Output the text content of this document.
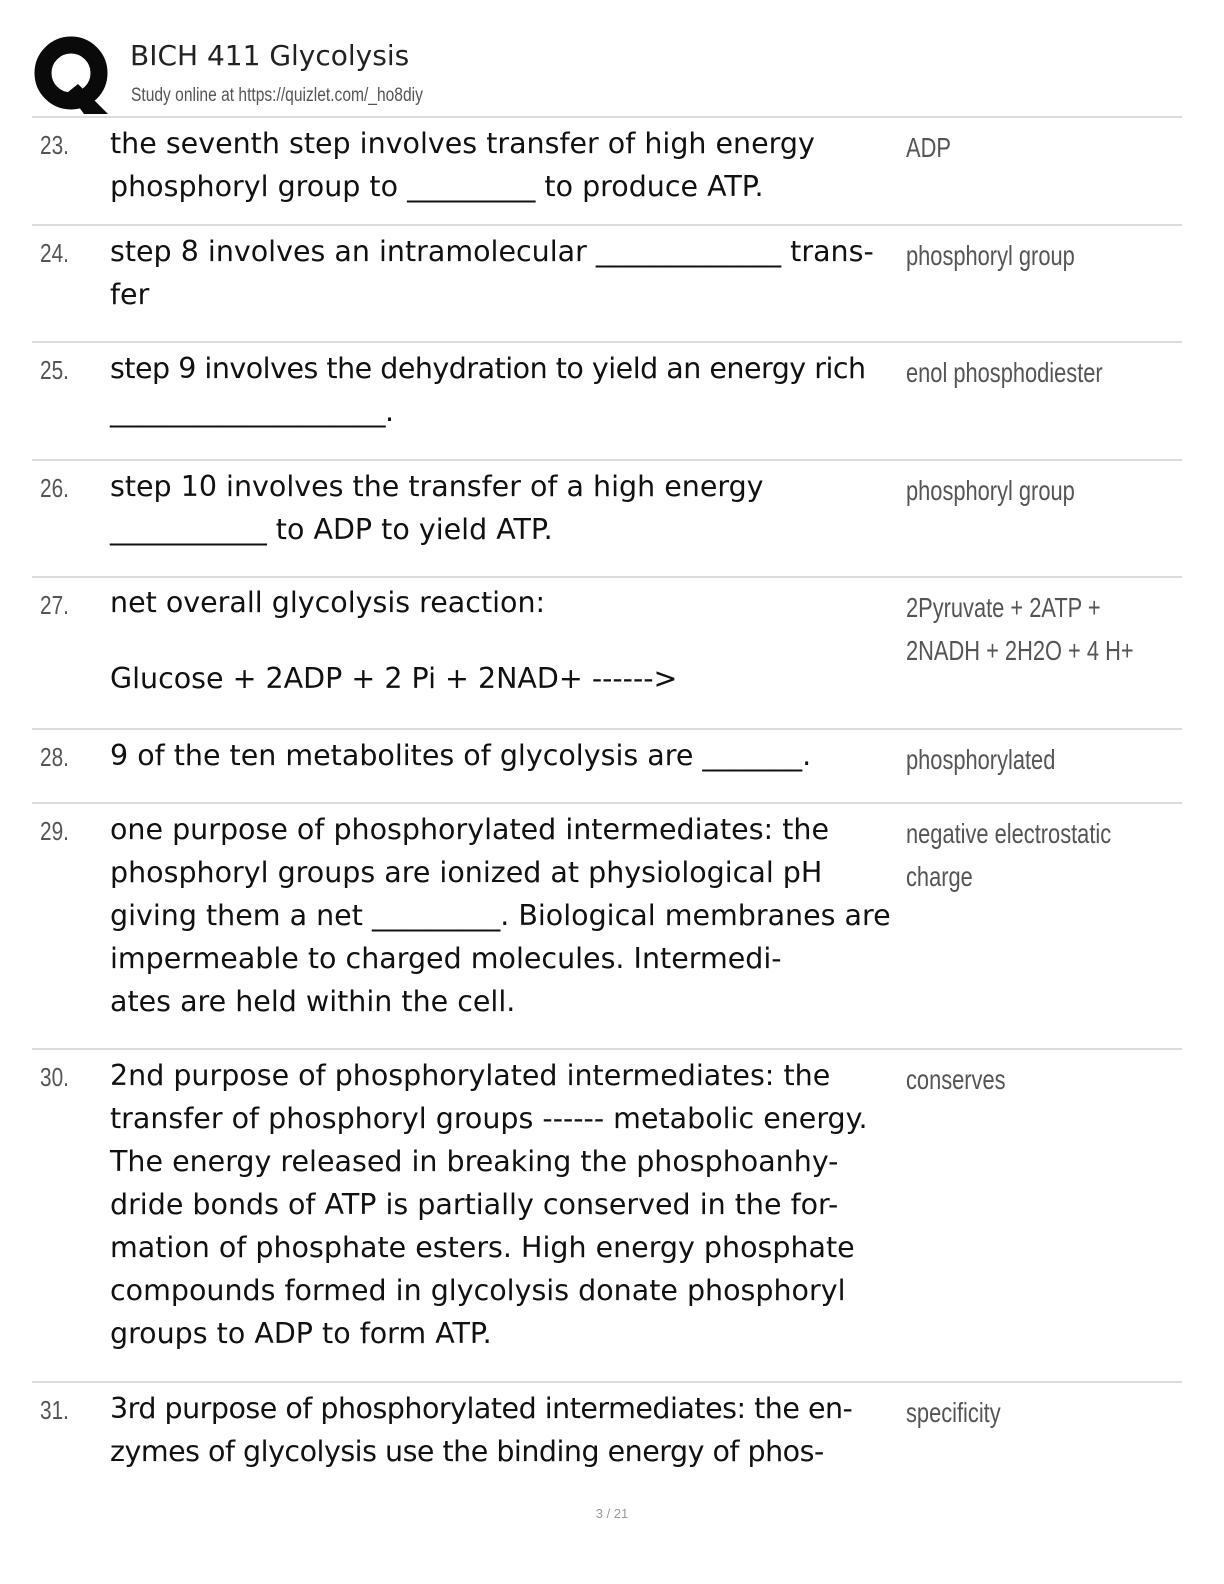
BICH 411 Glycolysis
Study online at https://quizlet.com/_ho8diy
23. the seventh step involves transfer of high energy phosphoryl group to _________ to produce ATP.
ADP
24. step 8 involves an intramolecular _____________ trans-
fer
phosphoryl group
25. step 9 involves the dehydration to yield an energy rich ____________________.
enol phosphodiester
26. step 10 involves the transfer of a high energy ___________ to ADP to yield ATP.
phosphoryl group
27. net overall glycolysis reaction:

Glucose + 2ADP + 2 Pi + 2NAD+ ------>
2Pyruvate + 2ATP + 2NADH + 2H2O + 4 H+
28. 9 of the ten metabolites of glycolysis are _______.	phosphorylated
29. one purpose of phosphorylated intermediates: the phosphoryl groups are ionized at physiological pH giving them a net _________. Biological membranes are impermeable to charged molecules. Intermedi-
ates are held within the cell.
negative electrostatic charge
30. 2nd purpose of phosphorylated intermediates: the transfer of phosphoryl groups ------ metabolic energy. The energy released in breaking the phosphoanhy-
dride bonds of ATP is partially conserved in the for-
mation of phosphate esters. High energy phosphate compounds formed in glycolysis donate phosphoryl groups to ADP to form ATP.
conserves
31. 3rd purpose of phosphorylated intermediates: the en-
zymes of glycolysis use the binding energy of phos-
specificity
3 / 21
